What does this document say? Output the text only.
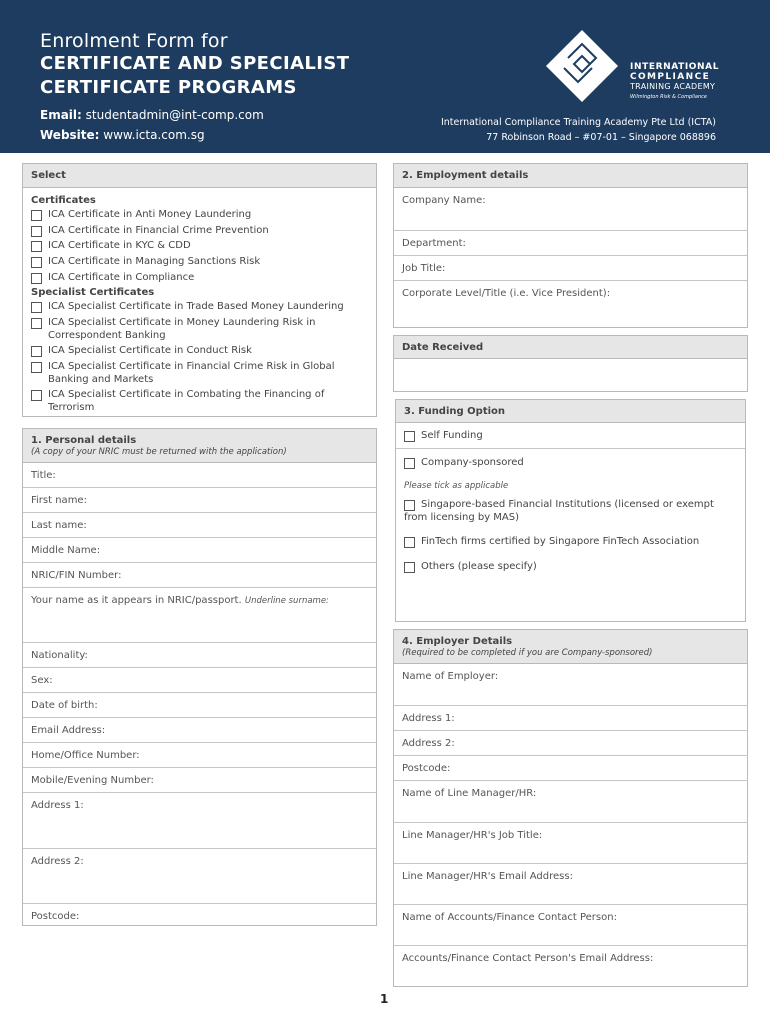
Enrolment Form for
CERTIFICATE AND SPECIALIST
CERTIFICATE PROGRAMS
Email: studentadmin@int-comp.com
Website: www.icta.com.sg
INTERNATIONAL
COMPLIANCE
TRAINING ACADEMY
Wilmington Risk & Compliance
International Compliance Training Academy Pte Ltd (ICTA)
77 Robinson Road – #07-01 – Singapore 068896
Select
Certificates
ICA Certificate in Anti Money Laundering
ICA Certificate in Financial Crime Prevention
ICA Certificate in KYC & CDD
ICA Certificate in Managing Sanctions Risk
ICA Certificate in Compliance
Specialist Certificates
ICA Specialist Certificate in Trade Based Money Laundering
ICA Specialist Certificate in Money Laundering Risk in Correspondent Banking
ICA Specialist Certificate in Conduct Risk
ICA Specialist Certificate in Financial Crime Risk in Global Banking and Markets
ICA Specialist Certificate in Combating the Financing of Terrorism
1. Personal details
(A copy of your NRIC must be returned with the application)
Title:
First name:
Last name:
Middle Name:
NRIC/FIN Number:
Your name as it appears in NRIC/passport. Underline surname:
Nationality:
Sex:
Date of birth:
Email Address:
Home/Office Number:
Mobile/Evening Number:
Address 1:
Address 2:
Postcode:
2. Employment details
Company Name:
Department:
Job Title:
Corporate Level/Title (i.e. Vice President):
Date Received
3. Funding Option
Self Funding
Company-sponsored
Please tick as applicable
Singapore-based Financial Institutions (licensed or exempt from licensing by MAS)
FinTech firms certified by Singapore FinTech Association
Others (please specify)
4. Employer Details
(Required to be completed if you are Company-sponsored)
Name of Employer:
Address 1:
Address 2:
Postcode:
Name of Line Manager/HR:
Line Manager/HR's Job Title:
Line Manager/HR's Email Address:
Name of Accounts/Finance Contact Person:
Accounts/Finance Contact Person's Email Address:
1
